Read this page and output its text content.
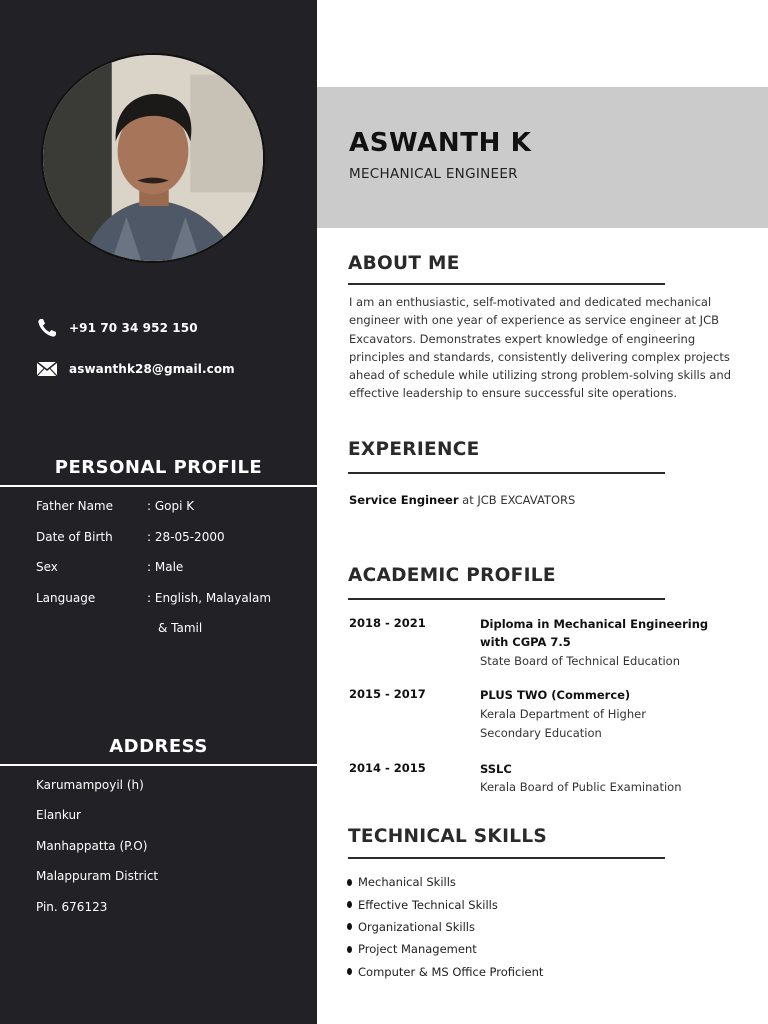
+91 70 34 952 150
aswanthk28@gmail.com
PERSONAL PROFILE
Father Name	: Gopi K
Date of Birth	: 28-05-2000
Sex	: Male
Language	: English, Malayalam
& Tamil
ADDRESS
Karumampoyil (h)
Elankur
Manhappatta (P.O)
Malappuram District
Pin. 676123
ASWANTH K
MECHANICAL ENGINEER
ABOUT ME
I am an enthusiastic, self-motivated and dedicated mechanical engineer with one year of experience as service engineer at JCB Excavators. Demonstrates expert knowledge of engineering principles and standards, consistently delivering complex projects ahead of schedule while utilizing strong problem-solving skills and effective leadership to ensure successful site operations.
EXPERIENCE
Service Engineer at JCB EXCAVATORS
ACADEMIC PROFILE
2018 - 2021	Diploma in Mechanical Engineering
with CGPA 7.5
State Board of Technical Education
2015 - 2017	PLUS TWO (Commerce)
Kerala Department of Higher
Secondary Education
2014 - 2015	SSLC
Kerala Board of Public Examination
TECHNICAL SKILLS
Mechanical Skills
Effective Technical Skills
Organizational Skills
Project Management
Computer & MS Office Proficient
